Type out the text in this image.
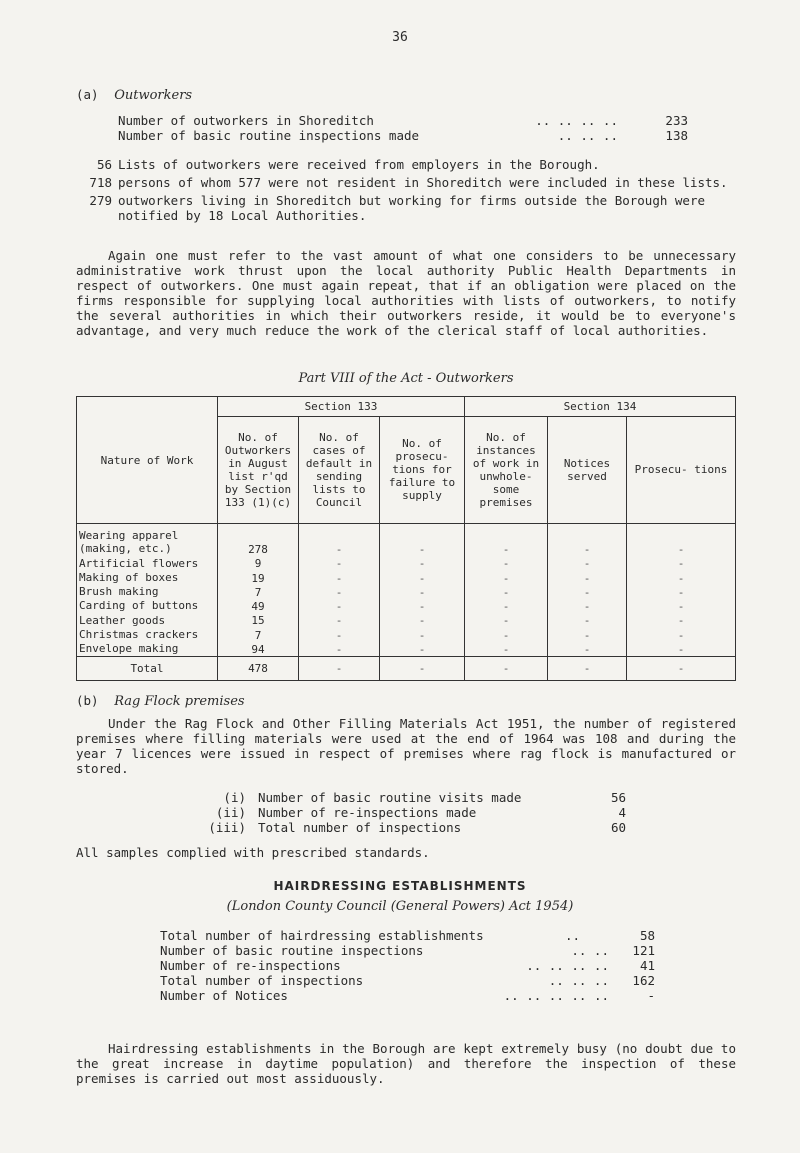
36
(a) Outworkers
Number of outworkers in Shoreditch	.. .. .. ..	233
Number of basic routine inspections made	.. .. ..	138
56 Lists of outworkers were received from employers in the Borough.
718 persons of whom 577 were not resident in Shoreditch were included in these lists.
279 outworkers living in Shoreditch but working for firms outside the Borough were notified by 18 Local Authorities.
Again one must refer to the vast amount of what one considers to be unnecessary administrative work thrust upon the local authority Public Health Departments in respect of outworkers. One must again repeat, that if an obligation were placed on the firms responsible for supplying local authorities with lists of outworkers, to notify the several authorities in which their outworkers reside, it would be to everyone's advantage, and very much reduce the work of the clerical staff of local authorities.
Part VIII of the Act - Outworkers
Nature of Work	Section 133			Section 134		
	No. of Outworkers in August list r'qd by Section 133 (1)(c)	No. of cases of default in sending lists to Council	No. of prosecu- tions for failure to supply	No. of instances of work in unwhole- some premises	Notices served	Prosecu- tions
Wearing apparel (making, etc.)	278	-	-	-	-	-
Artificial flowers	9	-	-	-	-	-
Making of boxes	19	-	-	-	-	-
Brush making	7	-	-	-	-	-
Carding of buttons	49	-	-	-	-	-
Leather goods	15	-	-	-	-	-
Christmas crackers	7	-	-	-	-	-
Envelope making	94	-	-	-	-	-
Total	478	-	-	-	-	-
(b) Rag Flock premises
Under the Rag Flock and Other Filling Materials Act 1951, the number of registered premises where filling materials were used at the end of 1964 was 108 and during the year 7 licences were issued in respect of premises where rag flock is manufactured or stored.
(i) Number of basic routine visits made	56
(ii) Number of re-inspections made	4
(iii) Total number of inspections	60
All samples complied with prescribed standards.
HAIRDRESSING ESTABLISHMENTS
(London County Council (General Powers) Act 1954)
Total number of hairdressing establishments	..	58
Number of basic routine inspections	.. ..	121
Number of re-inspections	.. .. .. ..	41
Total number of inspections	.. .. ..	162
Number of Notices	.. .. .. .. ..	-
Hairdressing establishments in the Borough are kept extremely busy (no doubt due to the great increase in daytime population) and therefore the inspection of these premises is carried out most assiduously.
